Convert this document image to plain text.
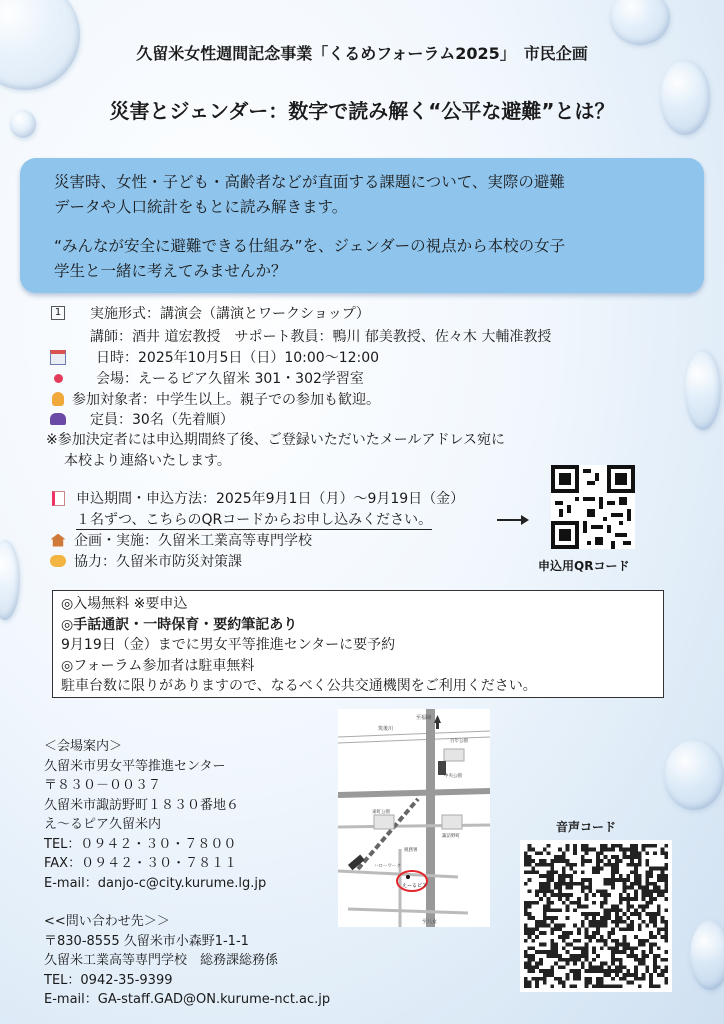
久留米女性週間記念事業「くるめフォーラム2025」　市民企画
災害とジェンダー：数字で読み解く“公平な避難”とは？

災害時、女性・子ども・高齢者などが直面する課題について、実際の避難

データや人口統計をもとに読み解きます。

“みんなが安全に避難できる仕組み”を、ジェンダーの視点から本校の女子

学生と一緒に考えてみませんか？

1 実施形式：講演会（講演とワークショップ）
講師：酒井 道宏教授　サポート教員：鴨川 郁美教授、佐々木 大輔准教授
日時：2025年10月5日（日）10:00～12:00
会場：えーるピア久留米 301・302学習室
参加対象者：中学生以上。親子での参加も歓迎。
定員：30名（先着順）
※参加決定者には申込期間終了後、ご登録いただいたメールアドレス宛に
本校より連絡いたします。
申込期間・申込方法：2025年9月1日（月）～9月19日（金）
１名ずつ、こちらのQRコードからお申し込みください。
企画・実施：久留米工業高等専門学校
協力：久留米市防災対策課	申込用QRコード

◎入場無料 ※要申込

◎手話通訳・一時保育・要約筆記あり

9月19日（金）までに男女平等推進センターに要予約

◎フォーラム参加者は駐車無料

駐車台数に限りがありますので、なるべく公共交通機関をご利用ください。

至福岡
筑後川
百年公園
中央公園
東町公園
諏訪野町
税務署
ハローワーク
えーるピア
至八女
＜会場案内＞
久留米市男女平等推進センター
〒８３０－００３７
久留米市諏訪野町１８３０番地６
え～るピア久留米内
TEL：０９４２・３０・７８００
FAX：０９４２・３０・７８１１
E-mail：danjo-c@city.kurume.lg.jp
<<問い合わせ先＞＞
〒830-8555 久留米市小森野1-1-1
久留米工業高等専門学校　総務課総務係
TEL：0942-35-9399
E-mail：GA-staff.GAD@ON.kurume-nct.ac.jp
音声コード
